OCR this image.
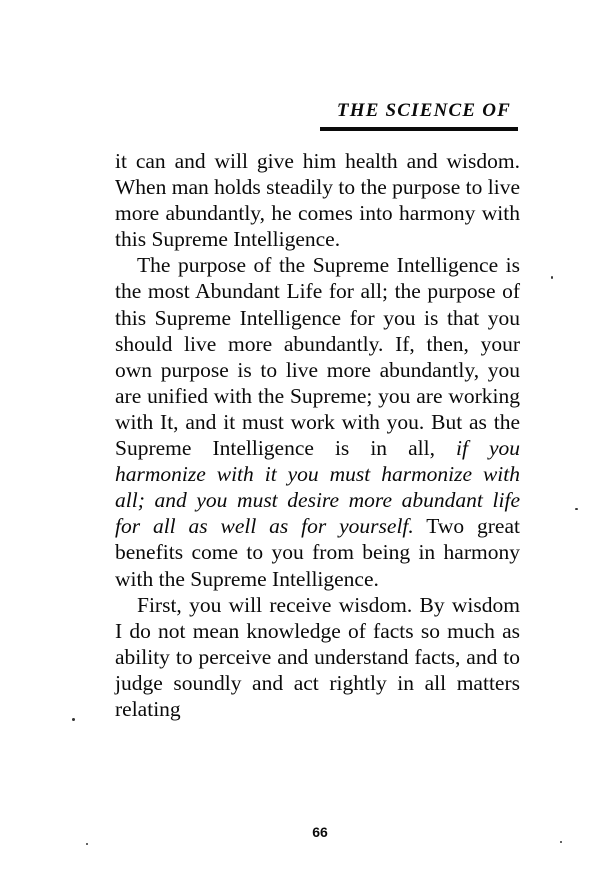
THE SCIENCE OF

it can and will give him health and wisdom. When man holds steadily to the purpose to live more abundantly, he comes into harmony with this Supreme Intelligence.

The purpose of the Supreme Intelligence is the most Abundant Life for all; the purpose of this Supreme Intelligence for you is that you should live more abundantly. If, then, your own purpose is to live more abundantly, you are unified with the Supreme; you are working with It, and it must work with you. But as the Supreme Intelligence is in all, if you harmonize with it you must harmonize with all; and you must desire more abundant life for all as well as for yourself. Two great benefits come to you from being in harmony with the Supreme Intelligence.

First, you will receive wisdom. By wisdom I do not mean knowledge of facts so much as ability to perceive and understand facts, and to judge soundly and act rightly in all matters relating

66
